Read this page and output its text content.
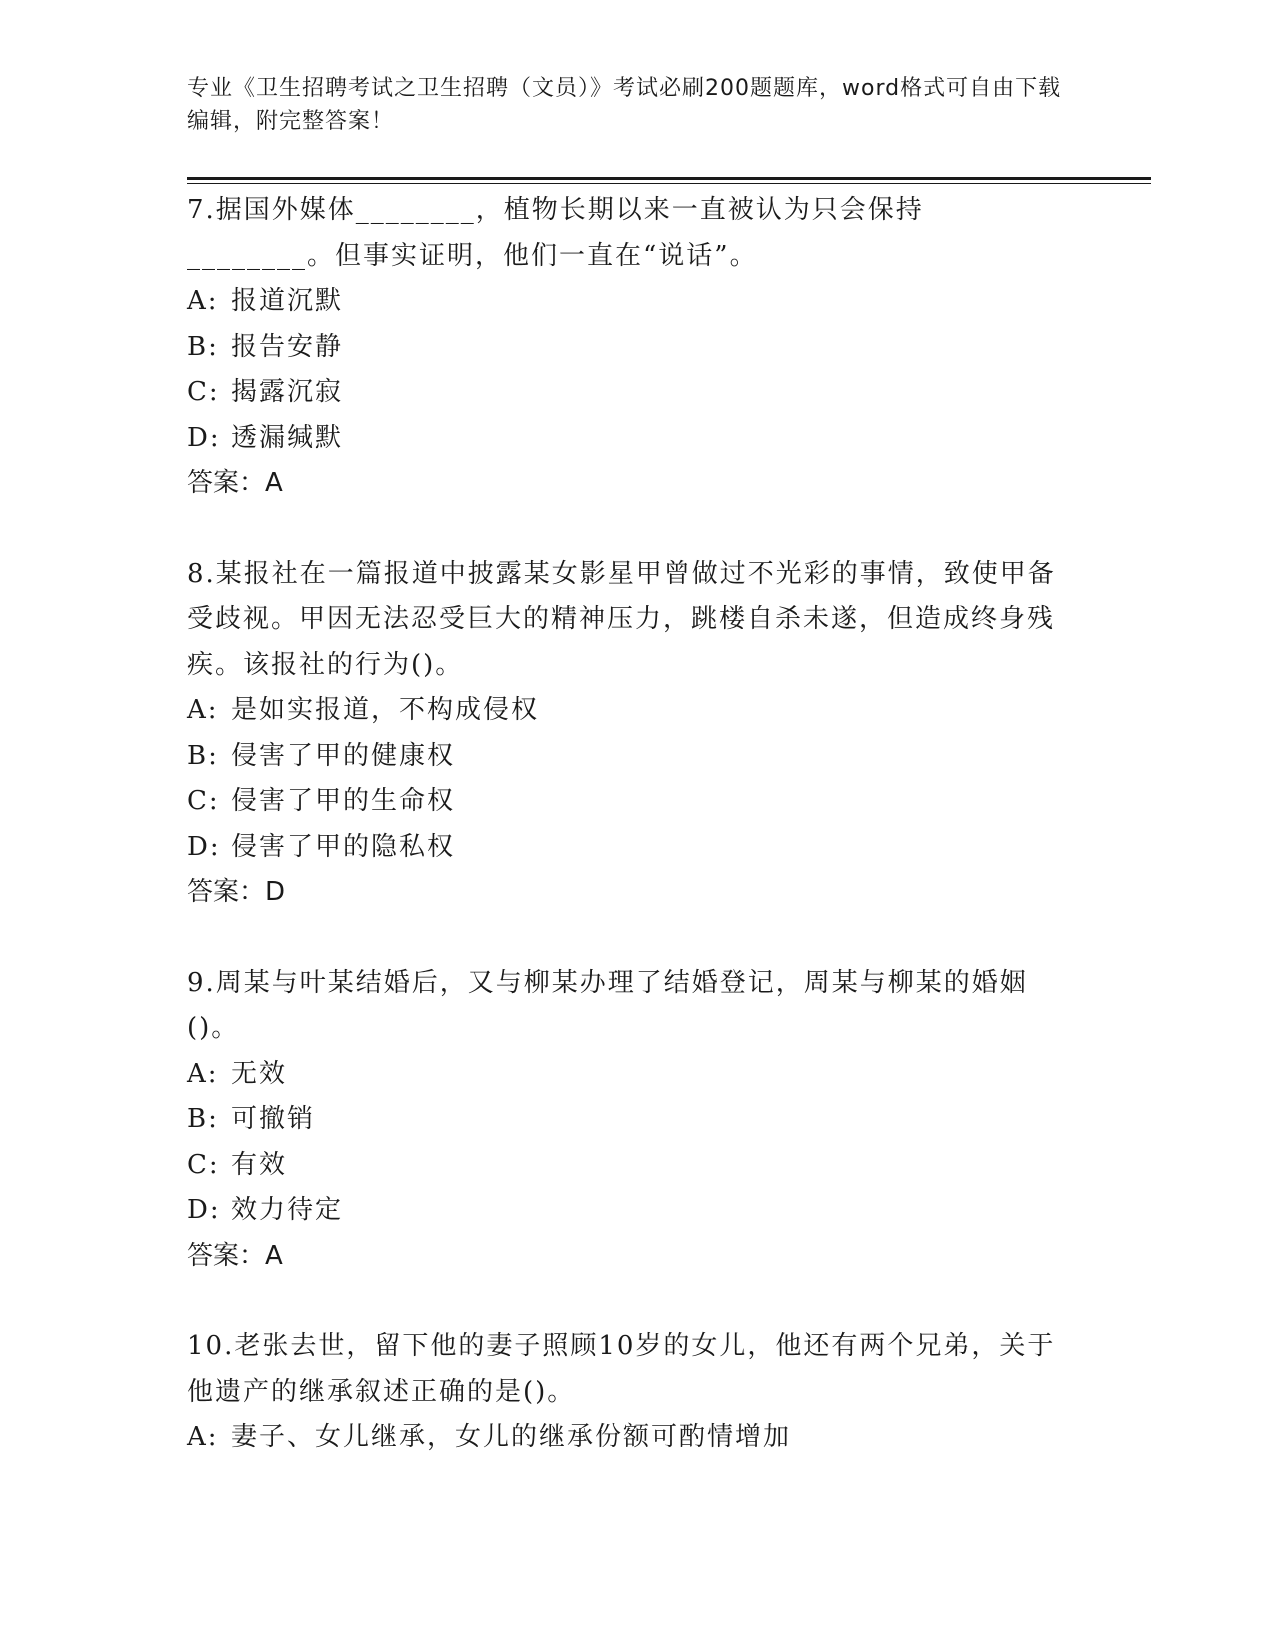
专业《卫生招聘考试之卫生招聘（文员）》考试必刷200题题库，word格式可自由下载编辑，附完整答案！

7.据国外媒体________，植物长期以来一直被认为只会保持________。但事实证明，他们一直在“说话”。

A: 报道沉默

B: 报告安静

C: 揭露沉寂

D: 透漏缄默

答案：A

8.某报社在一篇报道中披露某女影星甲曾做过不光彩的事情，致使甲备受歧视。甲因无法忍受巨大的精神压力，跳楼自杀未遂，但造成终身残疾。该报社的行为()。

A: 是如实报道，不构成侵权

B: 侵害了甲的健康权

C: 侵害了甲的生命权

D: 侵害了甲的隐私权

答案：D

9.周某与叶某结婚后，又与柳某办理了结婚登记，周某与柳某的婚姻()。

A: 无效

B: 可撤销

C: 有效

D: 效力待定

答案：A

10.老张去世，留下他的妻子照顾10岁的女儿，他还有两个兄弟，关于他遗产的继承叙述正确的是()。

A: 妻子、女儿继承，女儿的继承份额可酌情增加
